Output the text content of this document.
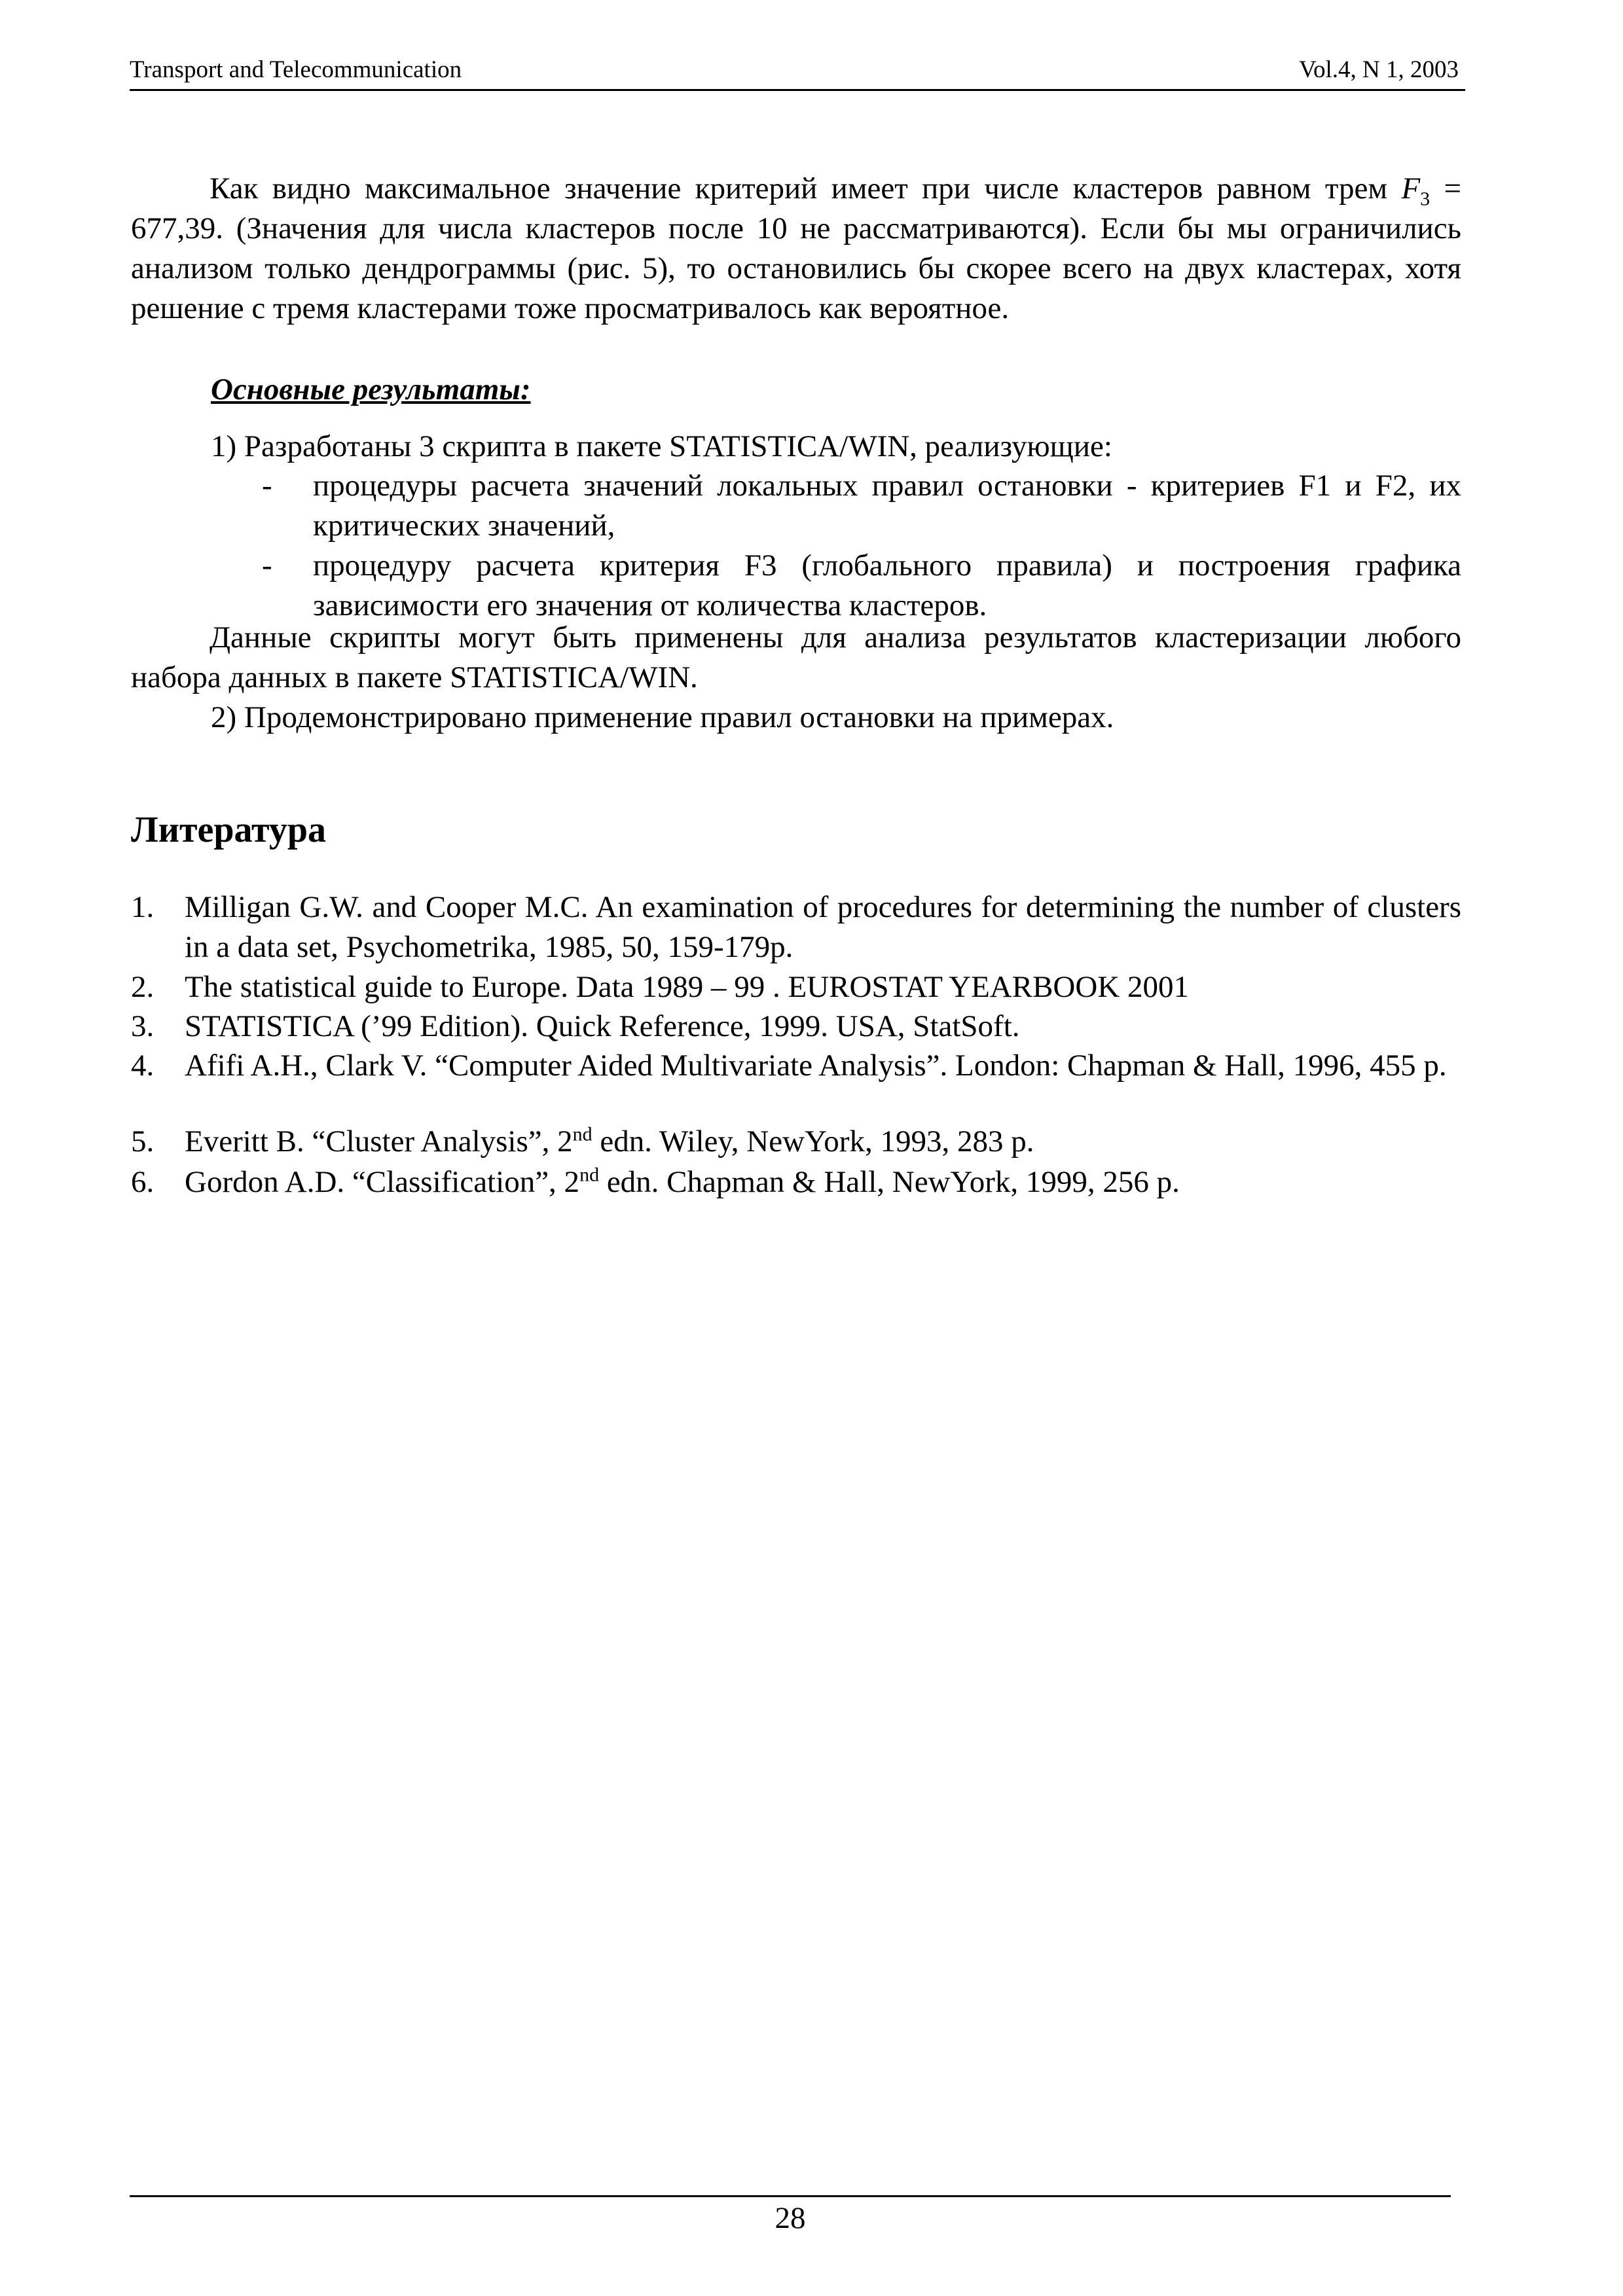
Transport and Telecommunication	Vol.4, N 1, 2003
Как видно максимальное значение критерий имеет при числе кластеров равном трем $F_3 = 677,39$. (Значения для числа кластеров после 10 не рассматриваются). Если бы мы ограничились анализом только дендрограммы (рис. 5), то остановились бы скорее всего на двух кластерах, хотя решение с тремя кластерами тоже просматривалось как вероятное.
Основные результаты:
1) Разработаны 3 скрипта в пакете STATISTICA/WIN, реализующие:
- процедуры расчета значений локальных правил остановки - критериев F1 и F2, их критических значений,
- процедуру расчета критерия F3 (глобального правила) и построения графика зависимости его значения от количества кластеров.
Данные скрипты могут быть применены для анализа результатов кластеризации любого набора данных в пакете STATISTICA/WIN.
2) Продемонстрировано применение правил остановки на примерах.
Литература
1. Milligan G.W. and Cooper M.C. An examination of procedures for determining the number of clusters in a data set, Psychometrika, 1985, 50, 159-179p.
2. The statistical guide to Europe. Data 1989 – 99 . EUROSTAT YEARBOOK 2001
3. STATISTICA (’99 Edition). Quick Reference, 1999. USA, StatSoft.
4. Afifi A.H., Clark V. “Computer Aided Multivariate Analysis”. London: Chapman & Hall, 1996, 455 p.
5. Everitt B. “Cluster Analysis”, 2nd edn. Wiley, NewYork, 1993, 283 p.
6. Gordon A.D. “Classification”, 2nd edn. Chapman & Hall, NewYork, 1999, 256 p.
28
